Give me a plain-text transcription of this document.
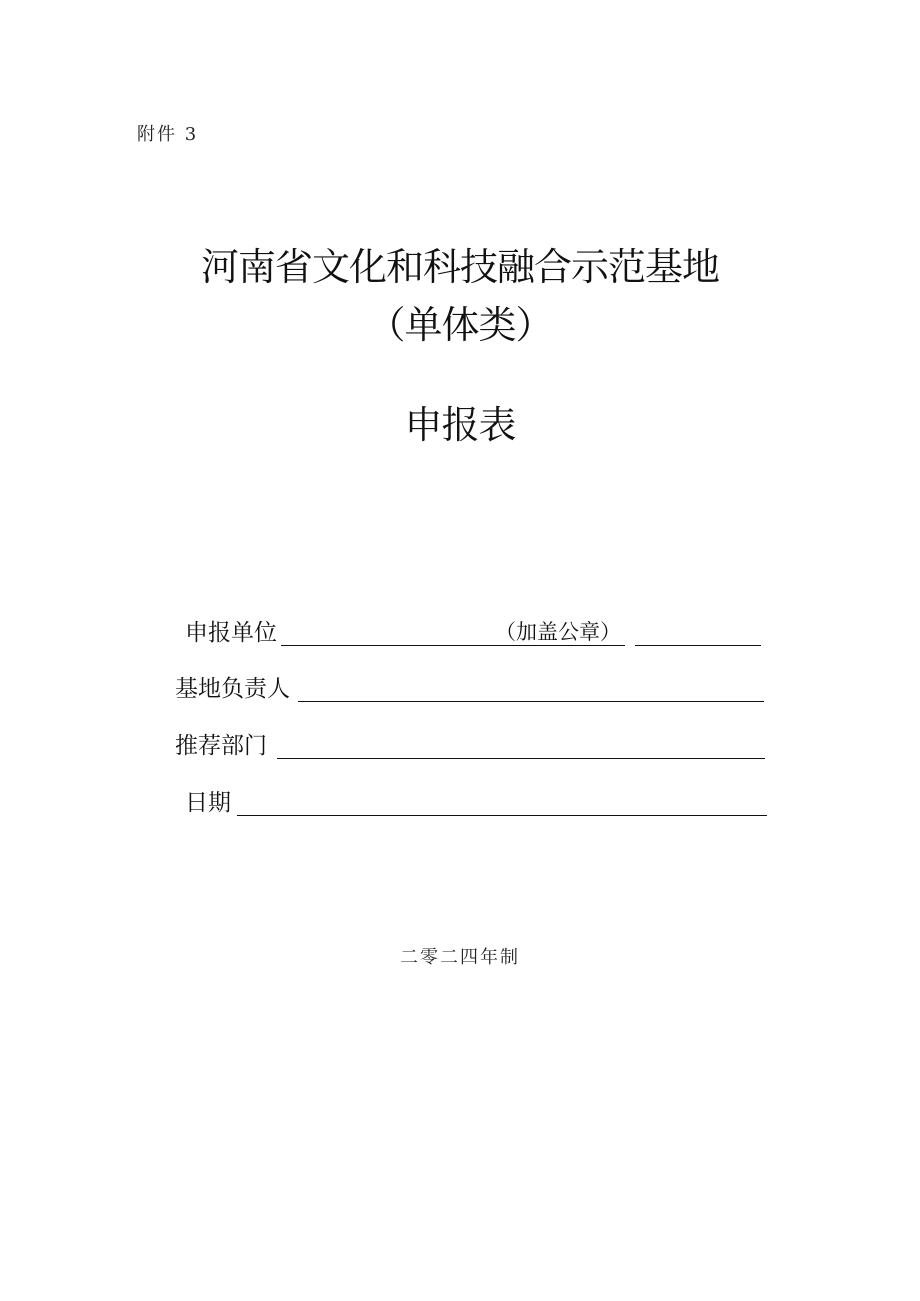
附件 3
河南省文化和科技融合示范基地
（单体类）
申报表
申报单位	（加盖公章）
基地负责人
推荐部门
日期
二零二四年制
